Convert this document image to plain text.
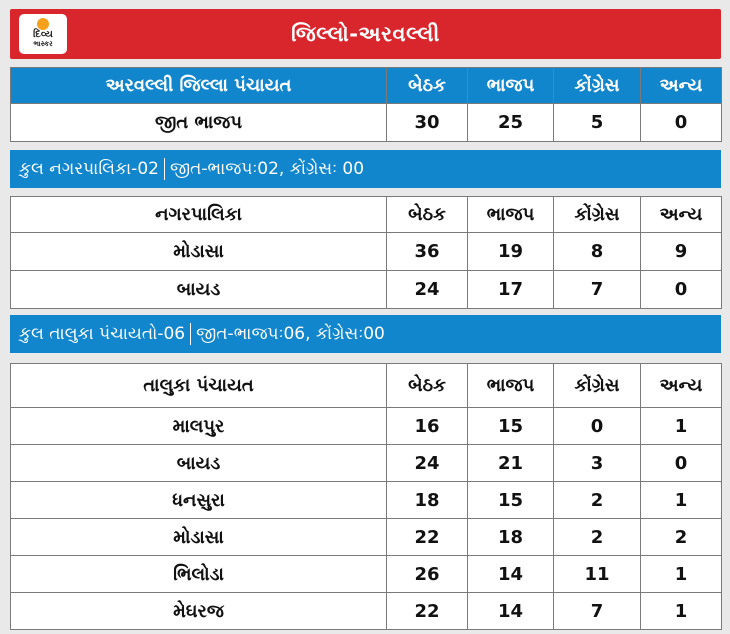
દિવ્ય
ભાસ્કર	જિલ્લો-અરવલ્લી
અરવલ્લી જિલ્લા પંચાયત	બેઠક	ભાજપ	કોંગ્રેસ	અન્ય
જીત ભાજપ	30	25	5	0
કુલ નગરપાલિકા-02 જીત-ભાજપઃ02, કોંગ્રેસઃ 00
નગરપાલિકા	બેઠક	ભાજપ	કોંગ્રેસ	અન્ય
મોડાસા	36	19	8	9
બાયડ	24	17	7	0
કુલ તાલુકા પંચાયતો-06 જીત-ભાજપઃ06, કોંગ્રેસઃ00
તાલુકા પંચાયત	બેઠક	ભાજપ	કોંગ્રેસ	અન્ય
માલપુર	16	15	0	1
બાયડ	24	21	3	0
ધનસુરા	18	15	2	1
મોડાસા	22	18	2	2
ભિલોડા	26	14	11	1
મેઘરજ	22	14	7	1
